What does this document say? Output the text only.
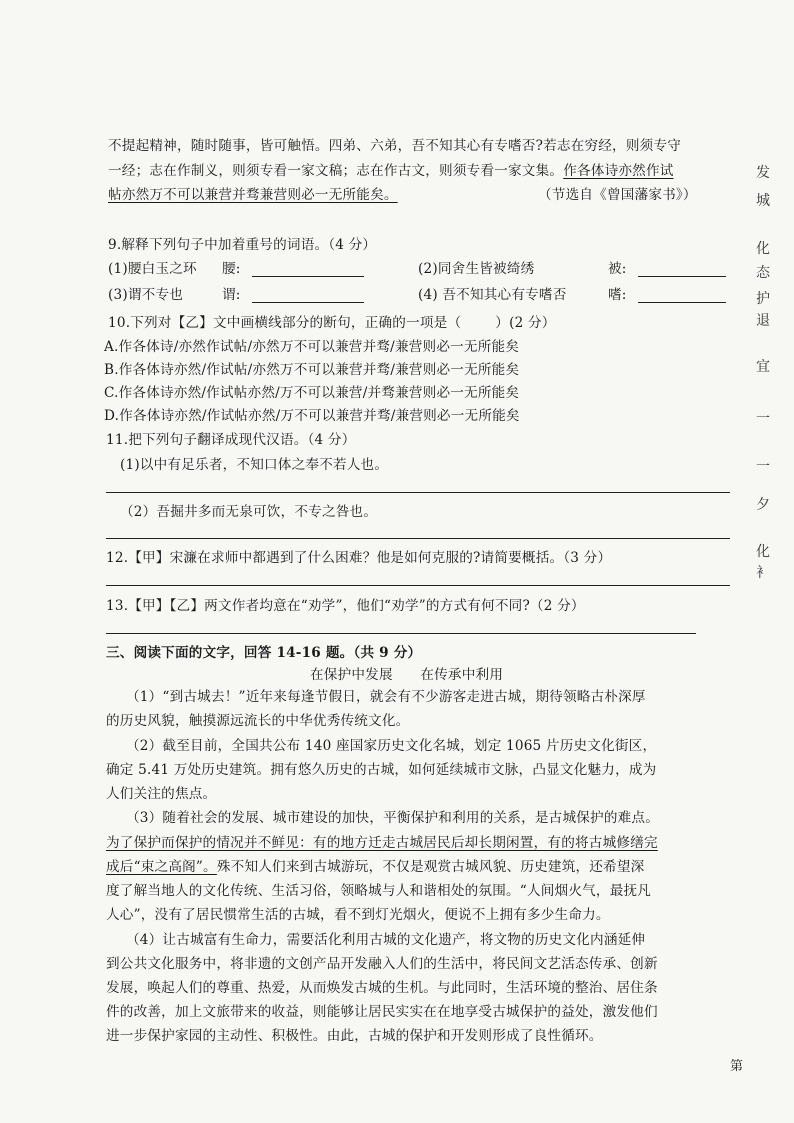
不提起精神，随时随事，皆可触悟。四弟、六弟，吾不知其心有专嗜否?若志在穷经，则须专守
一经；志在作制义，则须专看一家文稿；志在作古文，则须专看一家文集。作各体诗亦然作试
帖亦然万不可以兼营并骛兼营则必一无所能矣。	（节选自《曾国藩家书》）
9.解释下列句子中加着重号的词语。（4 分）
(1)腰白玉之环 腰:	(2)同舍生皆被绮绣	被:
(3)谓不专也	谓:	(4) 吾不知其心有专嗜否	嗜:
10.下列对【乙】文中画横线部分的断句，正确的一项是（	）(2 分）
A.作各体诗/亦然作试帖/亦然万不可以兼营并骛/兼营则必一无所能矣
B.作各体诗亦然/作试帖/亦然万不可以兼营并骛/兼营则必一无所能矣
C.作各体诗亦然/作试帖亦然/万不可以兼营/并骛兼营则必一无所能矣
D.作各体诗亦然/作试帖亦然/万不可以兼营并骛/兼营则必一无所能矣
11.把下列句子翻译成现代汉语。（4 分）
(1)以中有足乐者，不知口体之奉不若人也。
（2）吾掘井多而无泉可饮，不专之咎也。
12.【甲】宋濂在求师中都遇到了什么困难？他是如何克服的?请简要概括。（3 分）
13.【甲】【乙】两文作者均意在“劝学”，他们“劝学”的方式有何不同?（2 分）
三、阅读下面的文字，回答 14-16 题。（共 9 分）
在保护中发展　　在传承中利用
（1）“到古城去！”近年来每逢节假日，就会有不少游客走进古城，期待领略古朴深厚
的历史风貌，触摸源远流长的中华优秀传统文化。
（2）截至目前，全国共公布 140 座国家历史文化名城，划定 1065 片历史文化街区，
确定 5.41 万处历史建筑。拥有悠久历史的古城，如何延续城市文脉，凸显文化魅力，成为
人们关注的焦点。
（3）随着社会的发展、城市建设的加快，平衡保护和利用的关系，是古城保护的难点。
为了保护而保护的情况并不鲜见：有的地方迁走古城居民后却长期闲置，有的将古城修缮完
成后“束之高阁”。殊不知人们来到古城游玩，不仅是观赏古城风貌、历史建筑，还希望深
度了解当地人的文化传统、生活习俗，领略城与人和谐相处的氛围。“人间烟火气，最抚凡
人心”，没有了居民惯常生活的古城，看不到灯光烟火，便说不上拥有多少生命力。
（4）让古城富有生命力，需要活化利用古城的文化遗产，将文物的历史文化内涵延伸
到公共文化服务中，将非遗的文创产品开发融入人们的生活中，将民间文艺活态传承、创新
发展，唤起人们的尊重、热爱，从而焕发古城的生机。与此同时，生活环境的整治、居住条
件的改善，加上文旅带来的收益，则能够让居民实实在在地享受古城保护的益处，激发他们
进一步保护家园的主动性、积极性。由此，古城的保护和开发则形成了良性循环。
发
城
化
态
护
退
宜
一
一
夕
化
衤
第
